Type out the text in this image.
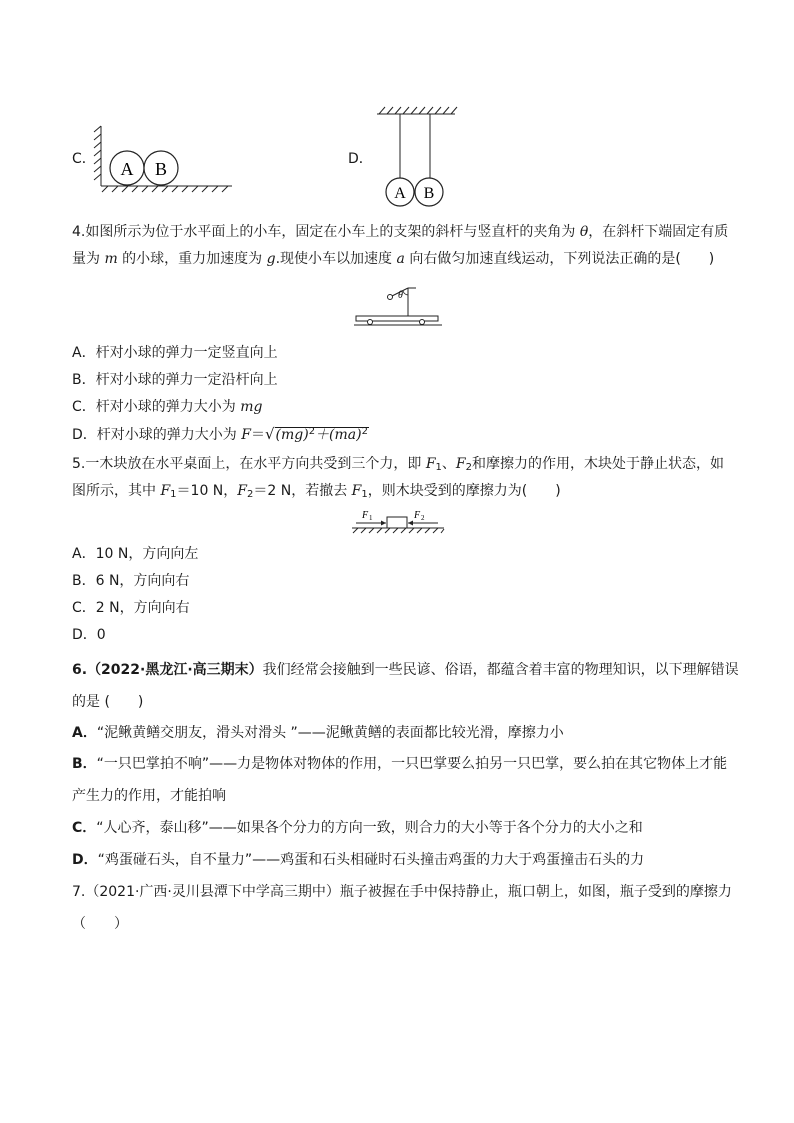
C． A B	D．
A B
4.如图所示为位于水平面上的小车，固定在小车上的支架的斜杆与竖直杆的夹角为 θ，在斜杆下端固定有质
量为 m 的小球，重力加速度为 g.现使小车以加速度 a 向右做匀加速直线运动，下列说法正确的是(　　)
θ
A．杆对小球的弹力一定竖直向上
B．杆对小球的弹力一定沿杆向上
C．杆对小球的弹力大小为 mg
D．杆对小球的弹力大小为 F＝√(mg)$^2$＋(ma)$^2$
5.一木块放在水平桌面上，在水平方向共受到三个力，即 $F_1$、$F_2$和摩擦力的作用，木块处于静止状态，如
图所示，其中 $F_1=10$ N，$F_2=2$ N，若撤去 $F_1$，则木块受到的摩擦力为(　　)
F 1	F 2
A．10 N，方向向左
B．6 N，方向向右
C．2 N，方向向右
D．0
6.（2022·黑龙江·高三期末）我们经常会接触到一些民谚、俗语，都蕴含着丰富的物理知识，以下理解错误
的是 (　　)
A．“泥鳅黄鳝交朋友，滑头对滑头 ”——泥鳅黄鳝的表面都比较光滑，摩擦力小
B．“一只巴掌拍不响”——力是物体对物体的作用，一只巴掌要么拍另一只巴掌，要么拍在其它物体上才能
产生力的作用，才能拍响
C．“人心齐，泰山移”——如果各个分力的方向一致，则合力的大小等于各个分力的大小之和
D．“鸡蛋碰石头，自不量力”——鸡蛋和石头相碰时石头撞击鸡蛋的力大于鸡蛋撞击石头的力
7.（2021·广西·灵川县潭下中学高三期中）瓶子被握在手中保持静止，瓶口朝上，如图，瓶子受到的摩擦力
（　　）
